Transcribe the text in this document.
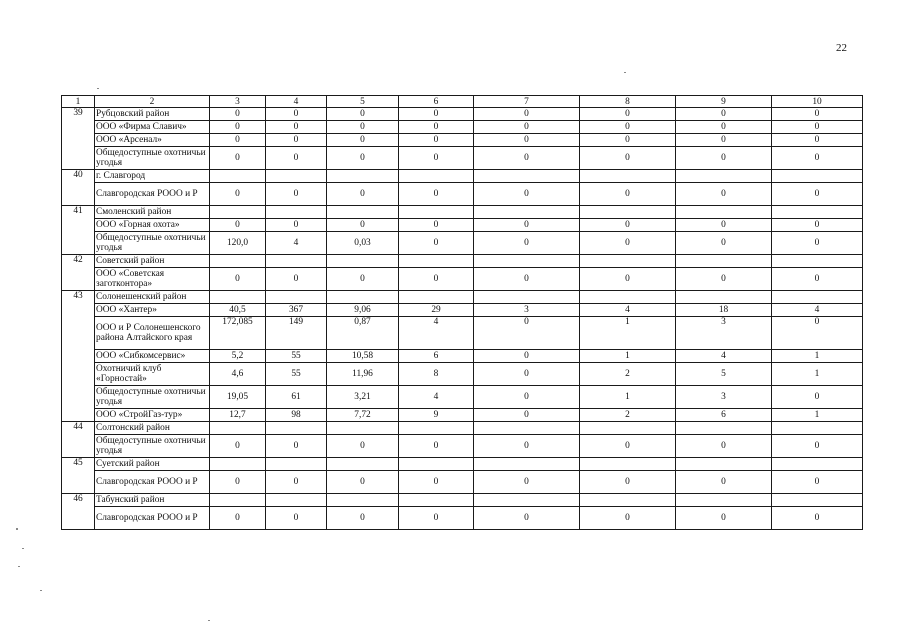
22
1	2	3	4	5	6	7	8	9	10
39	Рубцовский район	0	0	0	0	0	0	0	0
	ООО «Фирма Славич»	0	0	0	0	0	0	0	0
	ООО «Арсенал»	0	0	0	0	0	0	0	0
	Общедоступные охотничьи угодья	0	0	0	0	0	0	0	0
40	г. Славгород								
	Славгородская РООО и Р	0	0	0	0	0	0	0	0
41	Смоленский район								
	ООО «Горная охота»	0	0	0	0	0	0	0	0
	Общедоступные охотничьи угодья	120,0	4	0,03	0	0	0	0	0
42	Советский район								
	ООО «Советская заготконтора»	0	0	0	0	0	0	0	0
43	Солонешенский район								
	ООО «Хантер»	40,5	367	9,06	29	3	4	18	4
	ООО и Р Солонешенского района Алтайского края	172,085	149	0,87	4	0	1	3	0
	ООО «Сибкомсервис»	5,2	55	10,58	6	0	1	4	1
	Охотничий клуб «Горностай»	4,6	55	11,96	8	0	2	5	1
	Общедоступные охотничьи угодья	19,05	61	3,21	4	0	1	3	0
	ООО «СтройГаз-тур»	12,7	98	7,72	9	0	2	6	1
44	Солтонский район								
	Общедоступные охотничьи угодья	0	0	0	0	0	0	0	0
45	Суетский район								
	Славгородская РООО и Р	0	0	0	0	0	0	0	0
46	Табунский район								
	Славгородская РООО и Р	0	0	0	0	0	0	0	0
